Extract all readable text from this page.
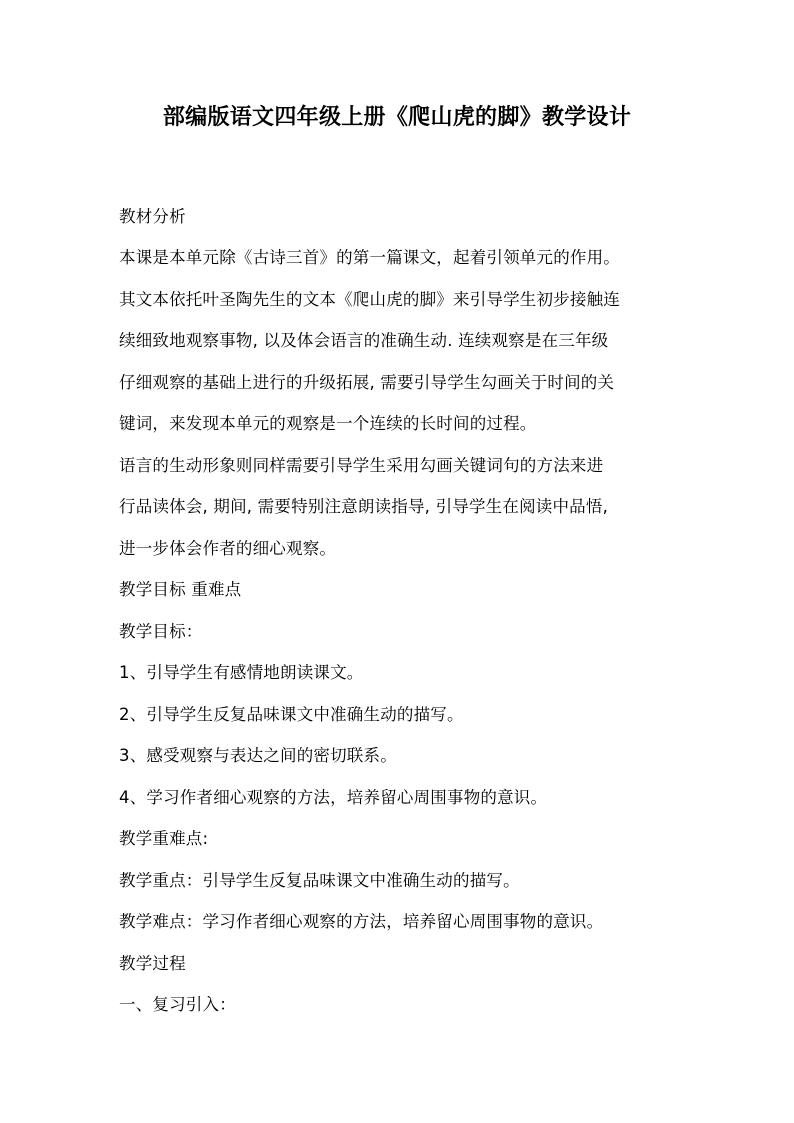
部编版语文四年级上册《爬山虎的脚》教学设计
教材分析
本课是本单元除《古诗三首》的第一篇课文，起着引领单元的作用。
其文本依托叶圣陶先生的文本《爬山虎的脚》来引导学生初步接触连
续细致地观察事物, 以及体会语言的准确生动. 连续观察是在三年级
仔细观察的基础上进行的升级拓展, 需要引导学生勾画关于时间的关
键词，来发现本单元的观察是一个连续的长时间的过程。
语言的生动形象则同样需要引导学生采用勾画关键词句的方法来进
行品读体会, 期间, 需要特别注意朗读指导, 引导学生在阅读中品悟,
进一步体会作者的细心观察。
教学目标 重难点
教学目标：
1、引导学生有感情地朗读课文。
2、引导学生反复品味课文中准确生动的描写。
3、感受观察与表达之间的密切联系。
4、学习作者细心观察的方法，培养留心周围事物的意识。
教学重难点:
教学重点：引导学生反复品味课文中准确生动的描写。
教学难点：学习作者细心观察的方法，培养留心周围事物的意识。
教学过程
一、复习引入：
